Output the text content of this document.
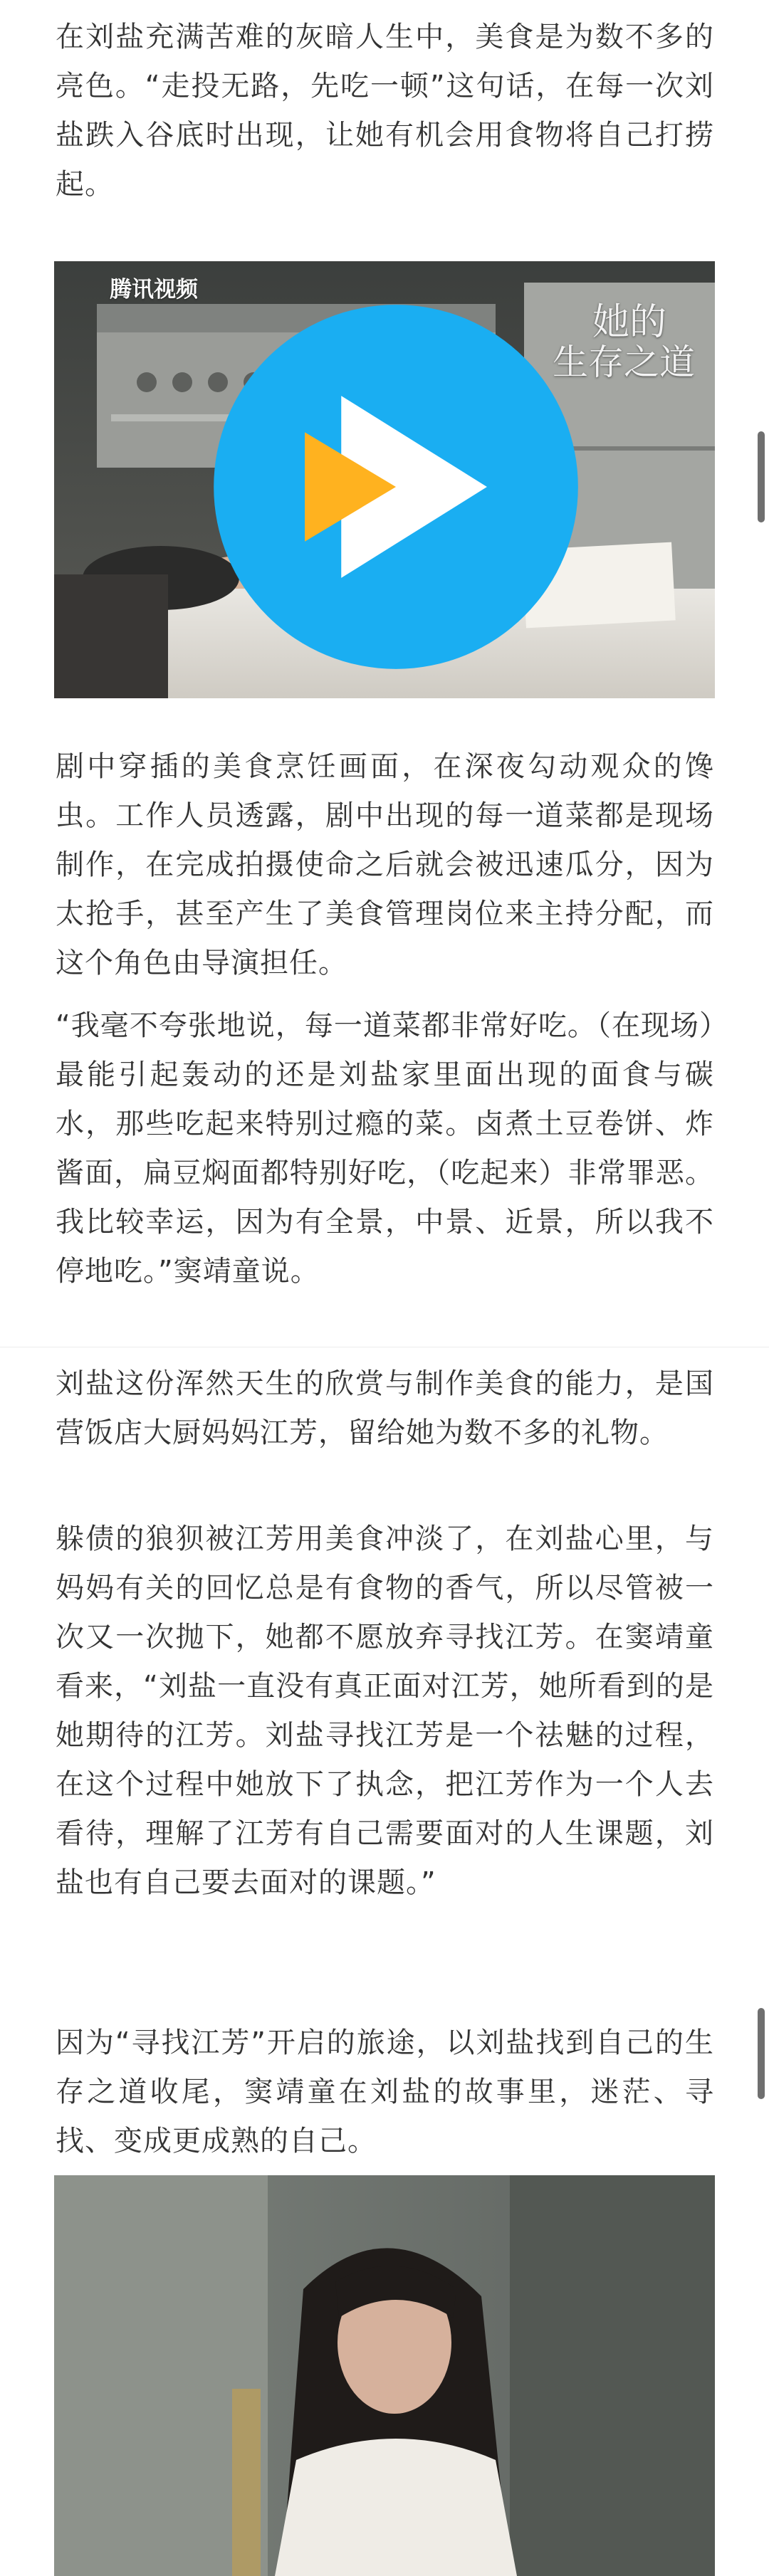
在刘盐充满苦难的灰暗人生中，美食是为数不多的亮色。“走投无路，先吃一顿”这句话，在每一次刘盐跌入谷底时出现，让她有机会用食物将自己打捞起。

腾讯视频
她的
生存之道

剧中穿插的美食烹饪画面，在深夜勾动观众的馋虫。工作人员透露，剧中出现的每一道菜都是现场制作，在完成拍摄使命之后就会被迅速瓜分，因为太抢手，甚至产生了美食管理岗位来主持分配，而这个角色由导演担任。

“我毫不夸张地说，每一道菜都非常好吃。（在现场）最能引起轰动的还是刘盐家里面出现的面食与碳水，那些吃起来特别过瘾的菜。卤煮土豆卷饼、炸酱面，扁豆焖面都特别好吃，（吃起来）非常罪恶。我比较幸运，因为有全景，中景、近景，所以我不停地吃。”窦靖童说。

刘盐这份浑然天生的欣赏与制作美食的能力，是国营饭店大厨妈妈江芳，留给她为数不多的礼物。

躲债的狼狈被江芳用美食冲淡了，在刘盐心里，与妈妈有关的回忆总是有食物的香气，所以尽管被一次又一次抛下，她都不愿放弃寻找江芳。在窦靖童看来，“刘盐一直没有真正面对江芳，她所看到的是她期待的江芳。刘盐寻找江芳是一个祛魅的过程，在这个过程中她放下了执念，把江芳作为一个人去看待，理解了江芳有自己需要面对的人生课题，刘盐也有自己要去面对的课题。”

因为“寻找江芳”开启的旅途，以刘盐找到自己的生存之道收尾，窦靖童在刘盐的故事里，迷茫、寻找、变成更成熟的自己。
